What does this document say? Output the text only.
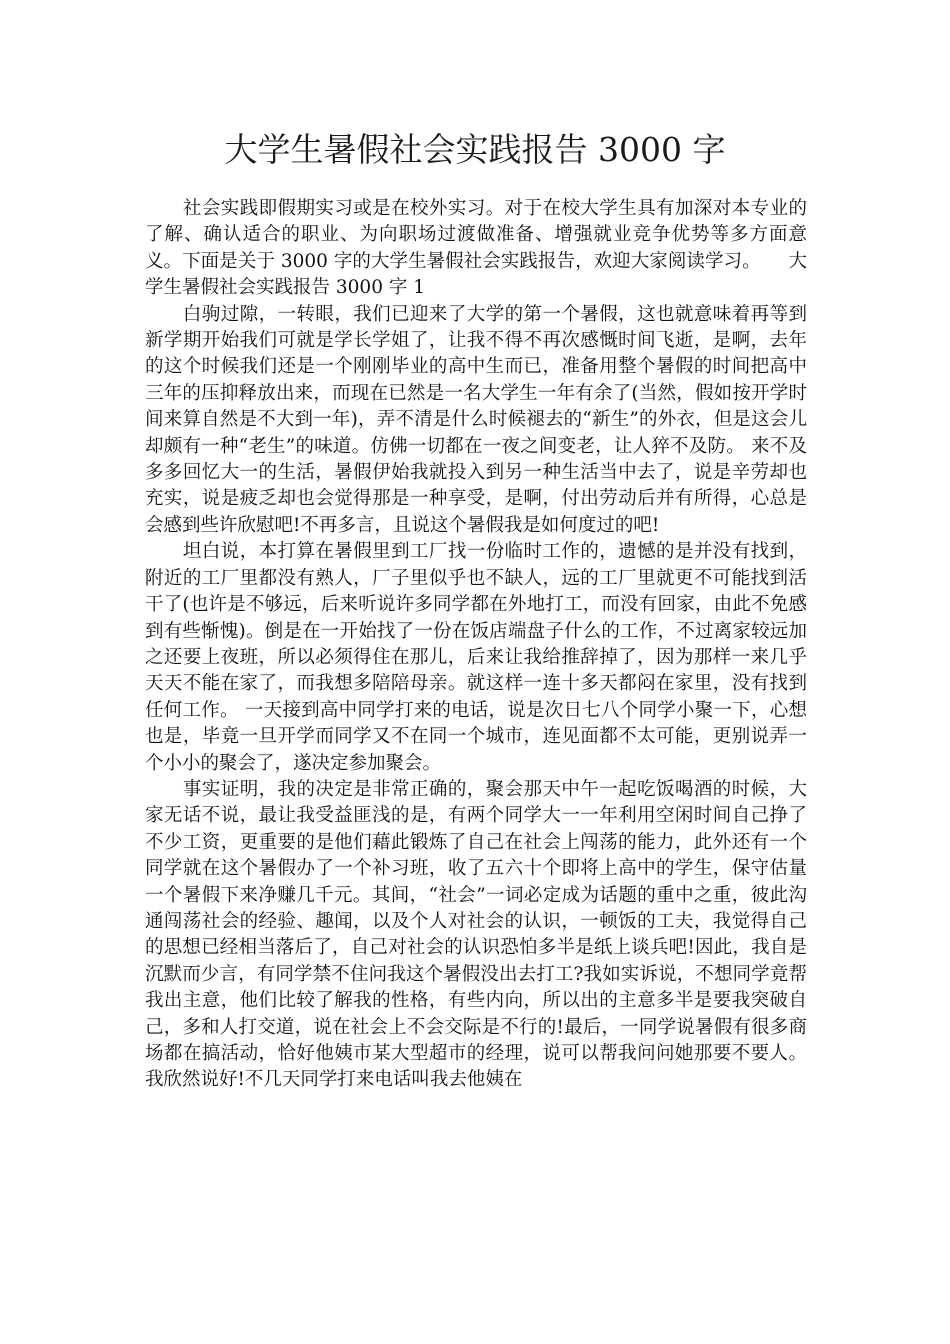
大学生暑假社会实践报告 3000 字

社会实践即假期实习或是在校外实习。对于在校大学生具有加深对本专业的了解、确认适合的职业、为向职场过渡做准备、增强就业竞争优势等多方面意义。下面是关于 3000 字的大学生暑假社会实践报告，欢迎大家阅读学习。　　大学生暑假社会实践报告 3000 字 1

白驹过隙，一转眼，我们已迎来了大学的第一个暑假，这也就意味着再等到新学期开始我们可就是学长学姐了，让我不得不再次感慨时间飞逝，是啊，去年的这个时候我们还是一个刚刚毕业的高中生而已，准备用整个暑假的时间把高中三年的压抑释放出来，而现在已然是一名大学生一年有余了(当然，假如按开学时间来算自然是不大到一年)，弄不清是什么时候褪去的“新生”的外衣，但是这会儿却颇有一种“老生”的味道。仿佛一切都在一夜之间变老，让人猝不及防。 来不及多多回忆大一的生活，暑假伊始我就投入到另一种生活当中去了，说是辛劳却也充实，说是疲乏却也会觉得那是一种享受，是啊，付出劳动后并有所得，心总是会感到些许欣慰吧!不再多言，且说这个暑假我是如何度过的吧!

坦白说，本打算在暑假里到工厂找一份临时工作的，遗憾的是并没有找到，附近的工厂里都没有熟人，厂子里似乎也不缺人，远的工厂里就更不可能找到活干了(也许是不够远，后来听说许多同学都在外地打工，而没有回家，由此不免感到有些惭愧)。倒是在一开始找了一份在饭店端盘子什么的工作，不过离家较远加之还要上夜班，所以必须得住在那儿，后来让我给推辞掉了，因为那样一来几乎天天不能在家了，而我想多陪陪母亲。就这样一连十多天都闷在家里，没有找到任何工作。 一天接到高中同学打来的电话，说是次日七八个同学小聚一下，心想也是，毕竟一旦开学而同学又不在同一个城市，连见面都不太可能，更别说弄一个小小的聚会了，遂决定参加聚会。

事实证明，我的决定是非常正确的，聚会那天中午一起吃饭喝酒的时候，大家无话不说，最让我受益匪浅的是，有两个同学大一一年利用空闲时间自己挣了不少工资，更重要的是他们藉此锻炼了自己在社会上闯荡的能力，此外还有一个同学就在这个暑假办了一个补习班，收了五六十个即将上高中的学生，保守估量一个暑假下来净赚几千元。其间，“社会”一词必定成为话题的重中之重，彼此沟通闯荡社会的经验、趣闻，以及个人对社会的认识，一顿饭的工夫，我觉得自己的思想已经相当落后了，自己对社会的认识恐怕多半是纸上谈兵吧!因此，我自是沉默而少言，有同学禁不住问我这个暑假没出去打工?我如实诉说，不想同学竟帮我出主意，他们比较了解我的性格，有些内向，所以出的主意多半是要我突破自己，多和人打交道，说在社会上不会交际是不行的!最后，一同学说暑假有很多商场都在搞活动，恰好他姨市某大型超市的经理，说可以帮我问问她那要不要人。我欣然说好!不几天同学打来电话叫我去他姨在
